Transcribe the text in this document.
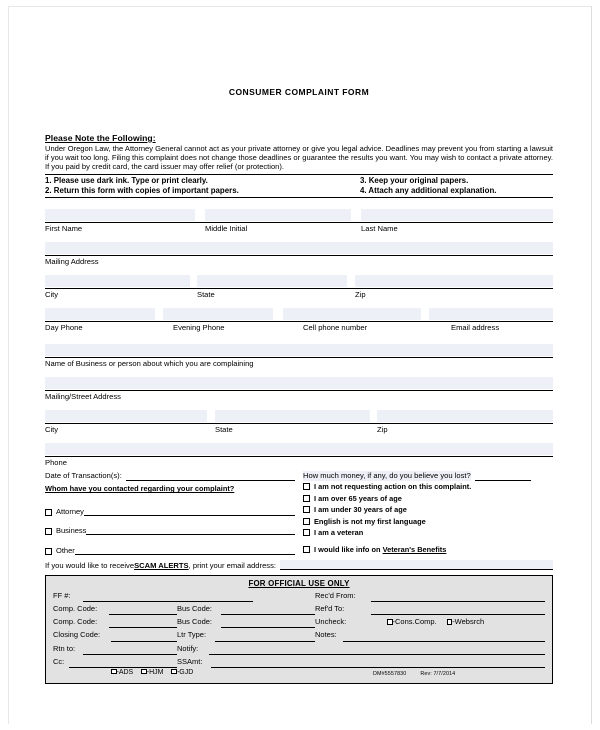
CONSUMER COMPLAINT FORM
Please Note the Following:
Under Oregon Law, the Attorney General cannot act as your private attorney or give you legal advice. Deadlines may prevent you from starting a lawsuit if you wait too long. Filing this complaint does not change those deadlines or guarantee the results you want. You may wish to contact a private attorney. If you paid by credit card, the card issuer may offer relief (or protection).
1. Please use dark ink. Type or print clearly.	3. Keep your original papers.
2. Return this form with copies of important papers.	4. Attach any additional explanation.
First Name	Middle Initial	Last Name
Mailing Address
City	State	Zip
Day Phone	Evening Phone	Cell phone number	Email address
Name of Business or person about which you are complaining
Mailing/Street Address
City	State	Zip
Phone
Date of Transaction(s):
Whom have you contacted regarding your complaint?
Attorney
Business
Other
How much money, if any, do you believe you lost?
I am not requesting action on this complaint.
I am over 65 years of age
I am under 30 years of age
English is not my first language
I am a veteran
I would like info on Veteran's Benefits
If you would like to receive SCAM ALERTS , print your email address:
FOR OFFICIAL USE ONLY
FF #:	Rec'd From:
Comp. Code:	Bus Code:	Ref'd To:
Comp. Code:	Bus Code:	Uncheck:	-Cons.Comp.	-Websrch
Closing Code:	Ltr Type:	Notes:
Rtn to:	Notify:
Cc:	SSAmt:
-ADS	-HJM	-GJD	DM#5557830	Rev: 7/7/2014
